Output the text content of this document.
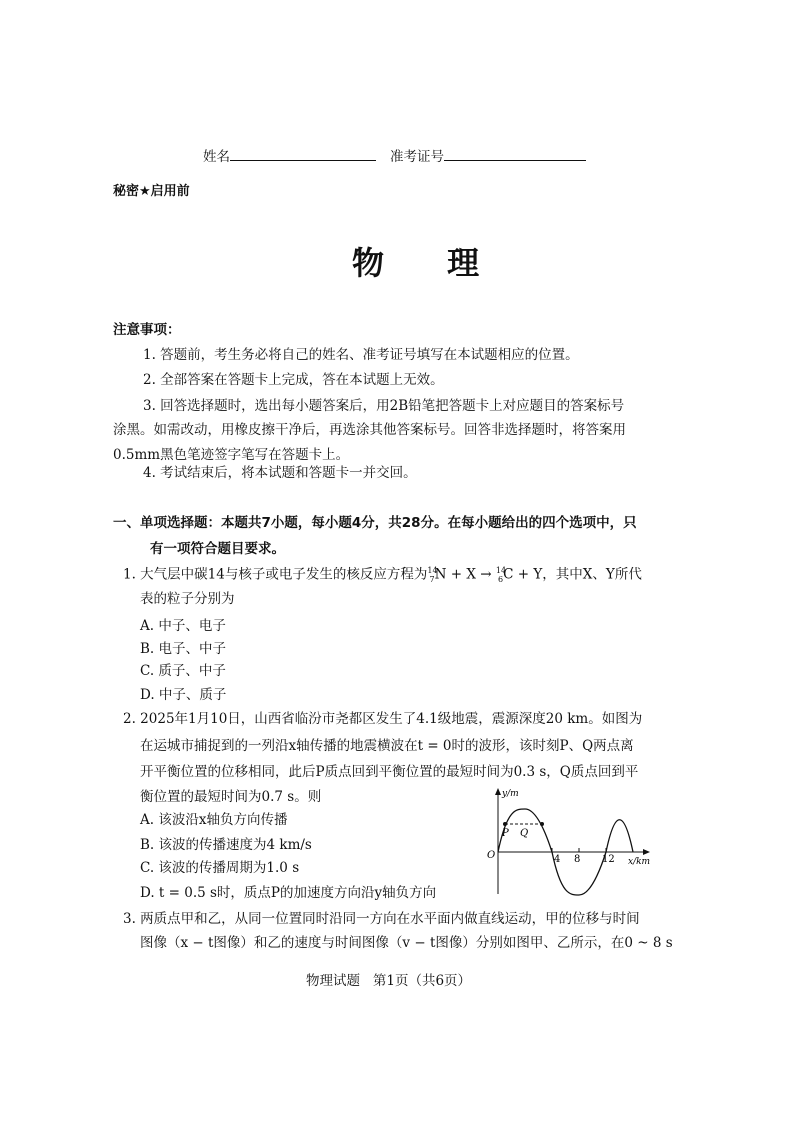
姓名	准考证号
秘密★启用前
物 理
注意事项：
1. 答题前，考生务必将自己的姓名、准考证号填写在本试题相应的位置。
2. 全部答案在答题卡上完成，答在本试题上无效。
3. 回答选择题时，选出每小题答案后，用2B铅笔把答题卡上对应题目的答案标号
涂黑。如需改动，用橡皮擦干净后，再选涂其他答案标号。回答非选择题时，将答案用
0.5mm黑色笔迹签字笔写在答题卡上。
4. 考试结束后，将本试题和答题卡一并交回。
一、单项选择题：本题共7小题，每小题4分，共28分。在每小题给出的四个选项中，只
有一项符合题目要求。
1. 大气层中碳14与核子或电子发生的核反应方程为$^{14}_7$N + X → $^{14}_6$C + Y，其中X、Y所代
表的粒子分别为
A. 中子、电子
B. 电子、中子
C. 质子、中子
D. 中子、质子
2. 2025年1月10日，山西省临汾市尧都区发生了4.1级地震，震源深度20 km。如图为
在运城市捕捉到的一列沿x轴传播的地震横波在t = 0时的波形，该时刻P、Q两点离
开平衡位置的位移相同，此后P质点回到平衡位置的最短时间为0.3 s，Q质点回到平
衡位置的最短时间为0.7 s。则
A. 该波沿x轴负方向传播
B. 该波的传播速度为4 km/s
C. 该波的传播周期为1.0 s
D. t = 0.5 s时，质点P的加速度方向沿y轴负方向
y/m
x/km
O	4 8 12
P Q
3. 两质点甲和乙，从同一位置同时沿同一方向在水平面内做直线运动，甲的位移与时间
图像（x − t图像）和乙的速度与时间图像（v − t图像）分别如图甲、乙所示，在0 ~ 8 s
物理试题 第1页（共6页）
